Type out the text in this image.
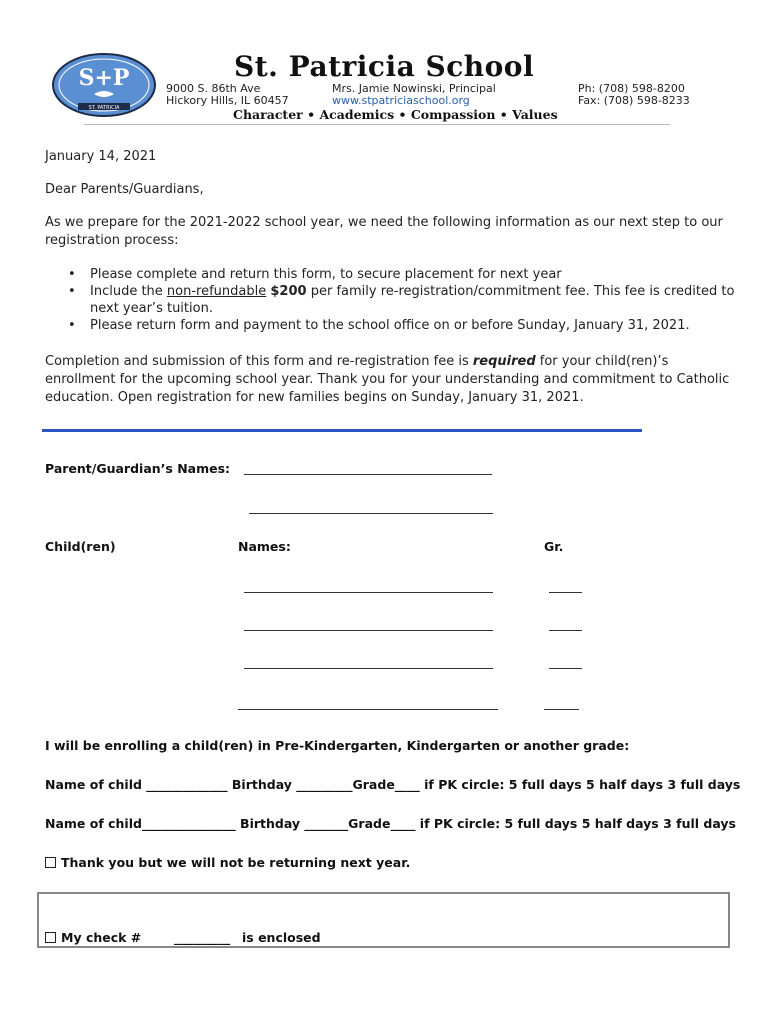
S+P
ST. PATRICIA
St. Patricia School
9000 S. 86th Ave
Hickory Hills, IL 60457
Mrs. Jamie Nowinski, Principal
www.stpatriciaschool.org
Ph: (708) 598-8200
Fax: (708) 598-8233
Character • Academics • Compassion • Values
January 14, 2021
Dear Parents/Guardians,
As we prepare for the 2021-2022 school year, we need the following information as our next step to our registration process:
• Please complete and return this form, to secure placement for next year
• Include the non-refundable $200 per family re-registration/commitment fee. This fee is credited to next year’s tuition.
• Please return form and payment to the school office on or before Sunday, January 31, 2021.
Completion and submission of this form and re-registration fee is required for your child(ren)’s enrollment for the upcoming school year. Thank you for your understanding and commitment to Catholic education. Open registration for new families begins on Sunday, January 31, 2021.
Parent/Guardian’s Names:
Child(ren)	Names:	Gr.
I will be enrolling a child(ren) in Pre-Kindergarten, Kindergarten or another grade:
Name of child _____________ Birthday _________Grade____ if PK circle: 5 full days 5 half days 3 full days
Name of child_______________ Birthday _______Grade____ if PK circle: 5 full days 5 half days 3 full days
Thank you but we will not be returning next year.
My check #	_________ is enclosed
